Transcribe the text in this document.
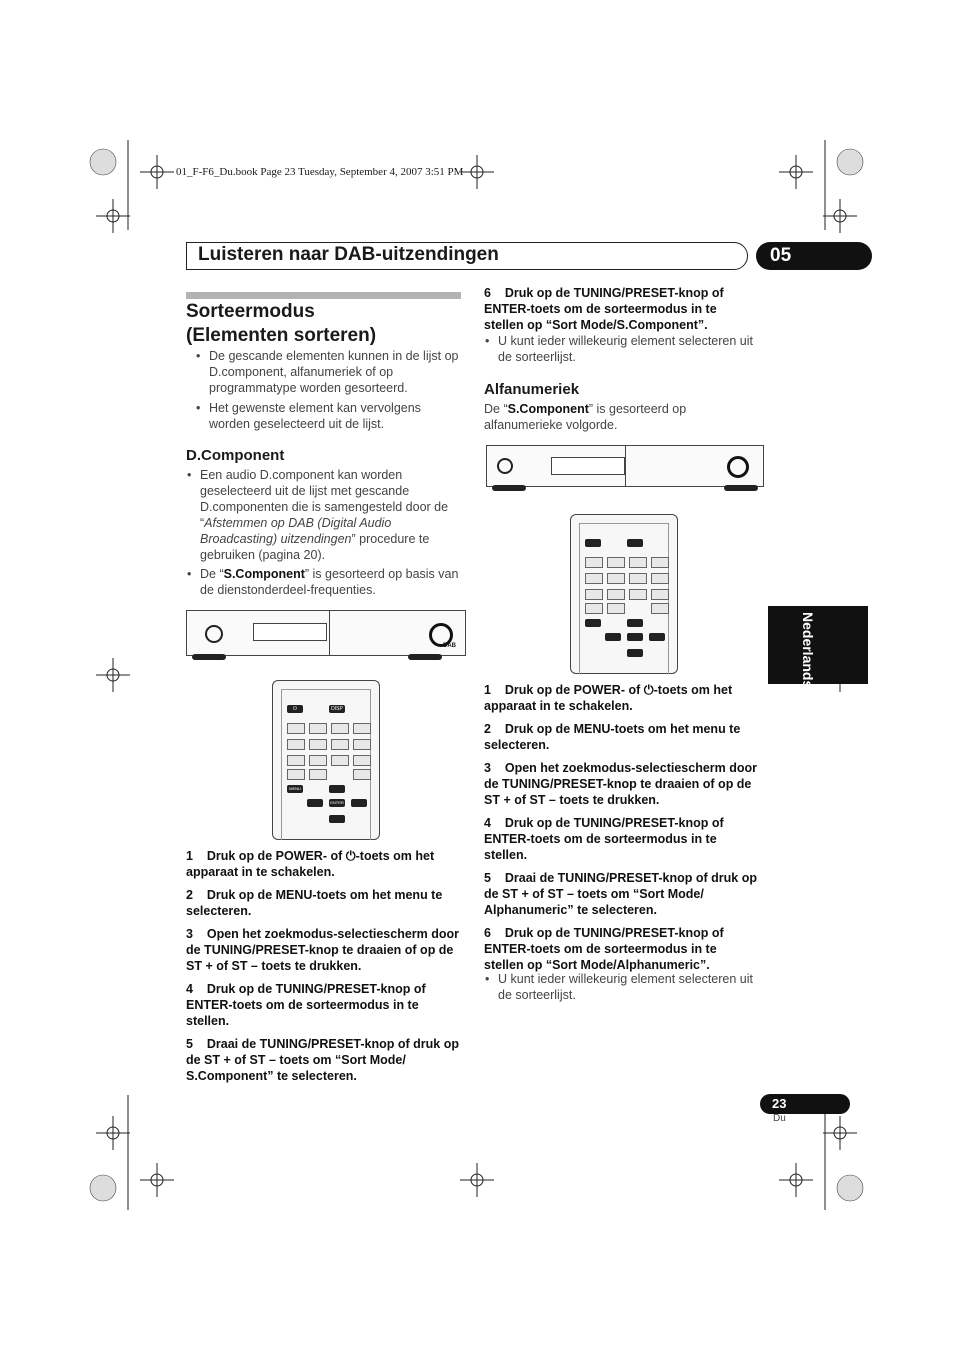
01_F-F6_Du.book Page 23 Tuesday, September 4, 2007 3:51 PM
Luisteren naar DAB-uitzendingen	05
Sorteermodus
(Elementen sorteren)
• De gescande elementen kunnen in de lijst op D.component, alfanumeriek of op programmatype worden gesorteerd.
• Het gewenste element kan vervolgens worden geselecteerd uit de lijst.
D.Component
• Een audio D.component kan worden geselecteerd uit de lijst met gescande D.componenten die is samengesteld door de “Afstemmen op DAB (Digital Audio Broadcasting) uitzendingen” procedure te gebruiken (pagina 20).
• De “S.Component” is gesorteerd op basis van de dienstonderdeel-frequenties.
DAB
⏻	DISP
MENU
ENTER
1 Druk op de POWER- of ⏻-toets om het apparaat in te schakelen.
2 Druk op de MENU-toets om het menu te selecteren.
3 Open het zoekmodus-selectiescherm door de TUNING/PRESET-knop te draaien of op de ST + of ST – toets te drukken.
4 Druk op de TUNING/PRESET-knop of ENTER-toets om de sorteermodus in te stellen.
5 Draai de TUNING/PRESET-knop of druk op de ST + of ST – toets om “Sort Mode/ S.Component” te selecteren.
6 Druk op de TUNING/PRESET-knop of ENTER-toets om de sorteermodus in te stellen op “Sort Mode/S.Component”.
• U kunt ieder willekeurig element selecteren uit de sorteerlijst.
Alfanumeriek
De “S.Component” is gesorteerd op alfanumerieke volgorde.
1 Druk op de POWER- of ⏻-toets om het apparaat in te schakelen.
2 Druk op de MENU-toets om het menu te selecteren.
3 Open het zoekmodus-selectiescherm door de TUNING/PRESET-knop te draaien of op de ST + of ST – toets te drukken.
4 Druk op de TUNING/PRESET-knop of ENTER-toets om de sorteermodus in te stellen.
5 Draai de TUNING/PRESET-knop of druk op de ST + of ST – toets om “Sort Mode/ Alphanumeric” te selecteren.
6 Druk op de TUNING/PRESET-knop of ENTER-toets om de sorteermodus in te stellen op “Sort Mode/Alphanumeric”.
• U kunt ieder willekeurig element selecteren uit de sorteerlijst.
Nederlands
23
Du
